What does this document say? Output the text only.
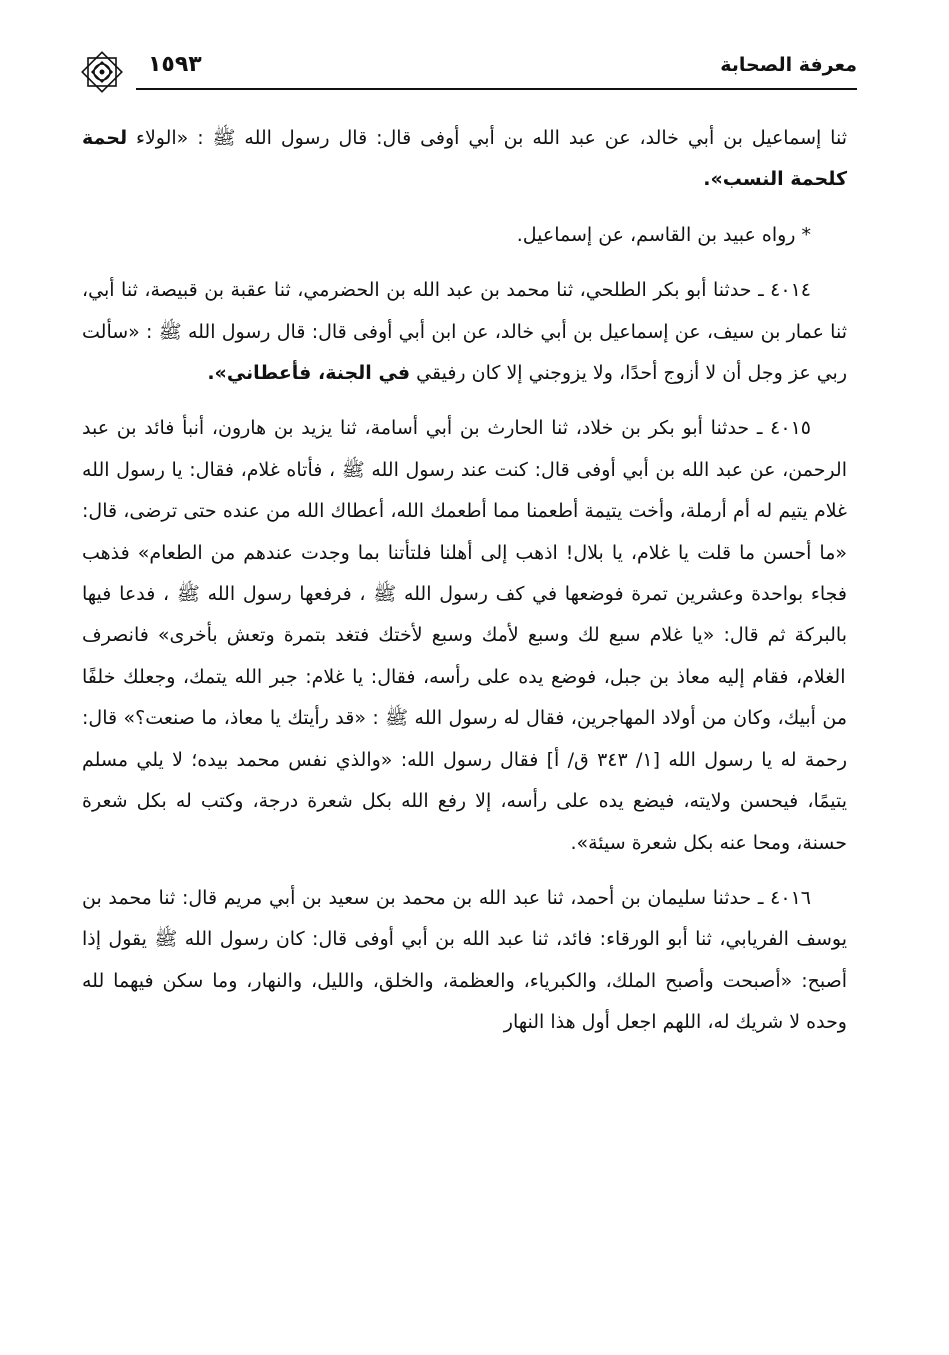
معرفة الصحابة
١٥٩٣

ثنا إسماعيل بن أبي خالد، عن عبد الله بن أبي أوفى قال: قال رسول الله ﷺ : «الولاء لحمة كلحمة النسب».

* رواه عبيد بن القاسم، عن إسماعيل.

٤٠١٤ ـ حدثنا أبو بكر الطلحي، ثنا محمد بن عبد الله بن الحضرمي، ثنا عقبة بن قبيصة، ثنا أبي، ثنا عمار بن سيف، عن إسماعيل بن أبي خالد، عن ابن أبي أوفى قال: قال رسول الله ﷺ : «سألت ربي عز وجل أن لا أزوج أحدًا، ولا يزوجني إلا كان رفيقي في الجنة، فأعطاني».

٤٠١٥ ـ حدثنا أبو بكر بن خلاد، ثنا الحارث بن أبي أسامة، ثنا يزيد بن هارون، أنبأ فائد بن عبد الرحمن، عن عبد الله بن أبي أوفى قال: كنت عند رسول الله ﷺ ، فأتاه غلام، فقال: يا رسول الله غلام يتيم له أم أرملة، وأخت يتيمة أطعمنا مما أطعمك الله، أعطاك الله من عنده حتى ترضى، قال: «ما أحسن ما قلت يا غلام، يا بلال! اذهب إلى أهلنا فلتأتنا بما وجدت عندهم من الطعام» فذهب فجاء بواحدة وعشرين تمرة فوضعها في كف رسول الله ﷺ ، فرفعها رسول الله ﷺ ، فدعا فيها بالبركة ثم قال: «يا غلام سبع لك وسبع لأمك وسبع لأختك فتغد بتمرة وتعش بأخرى» فانصرف الغلام، فقام إليه معاذ بن جبل، فوضع يده على رأسه، فقال: يا غلام: جبر الله يتمك، وجعلك خلفًا من أبيك، وكان من أولاد المهاجرين، فقال له رسول الله ﷺ : «قد رأيتك يا معاذ، ما صنعت؟» قال: رحمة له يا رسول الله [١/ ٣٤٣ ق/ أ] فقال رسول الله: «والذي نفس محمد بيده؛ لا يلي مسلم يتيمًا، فيحسن ولايته، فيضع يده على رأسه، إلا رفع الله بكل شعرة درجة، وكتب له بكل شعرة حسنة، ومحا عنه بكل شعرة سيئة».

٤٠١٦ ـ حدثنا سليمان بن أحمد، ثنا عبد الله بن محمد بن سعيد بن أبي مريم قال: ثنا محمد بن يوسف الفريابي، ثنا أبو الورقاء: فائد، ثنا عبد الله بن أبي أوفى قال: كان رسول الله ﷺ يقول إذا أصبح: «أصبحت وأصبح الملك، والكبرياء، والعظمة، والخلق، والليل، والنهار، وما سكن فيهما لله وحده لا شريك له، اللهم اجعل أول هذا النهار
